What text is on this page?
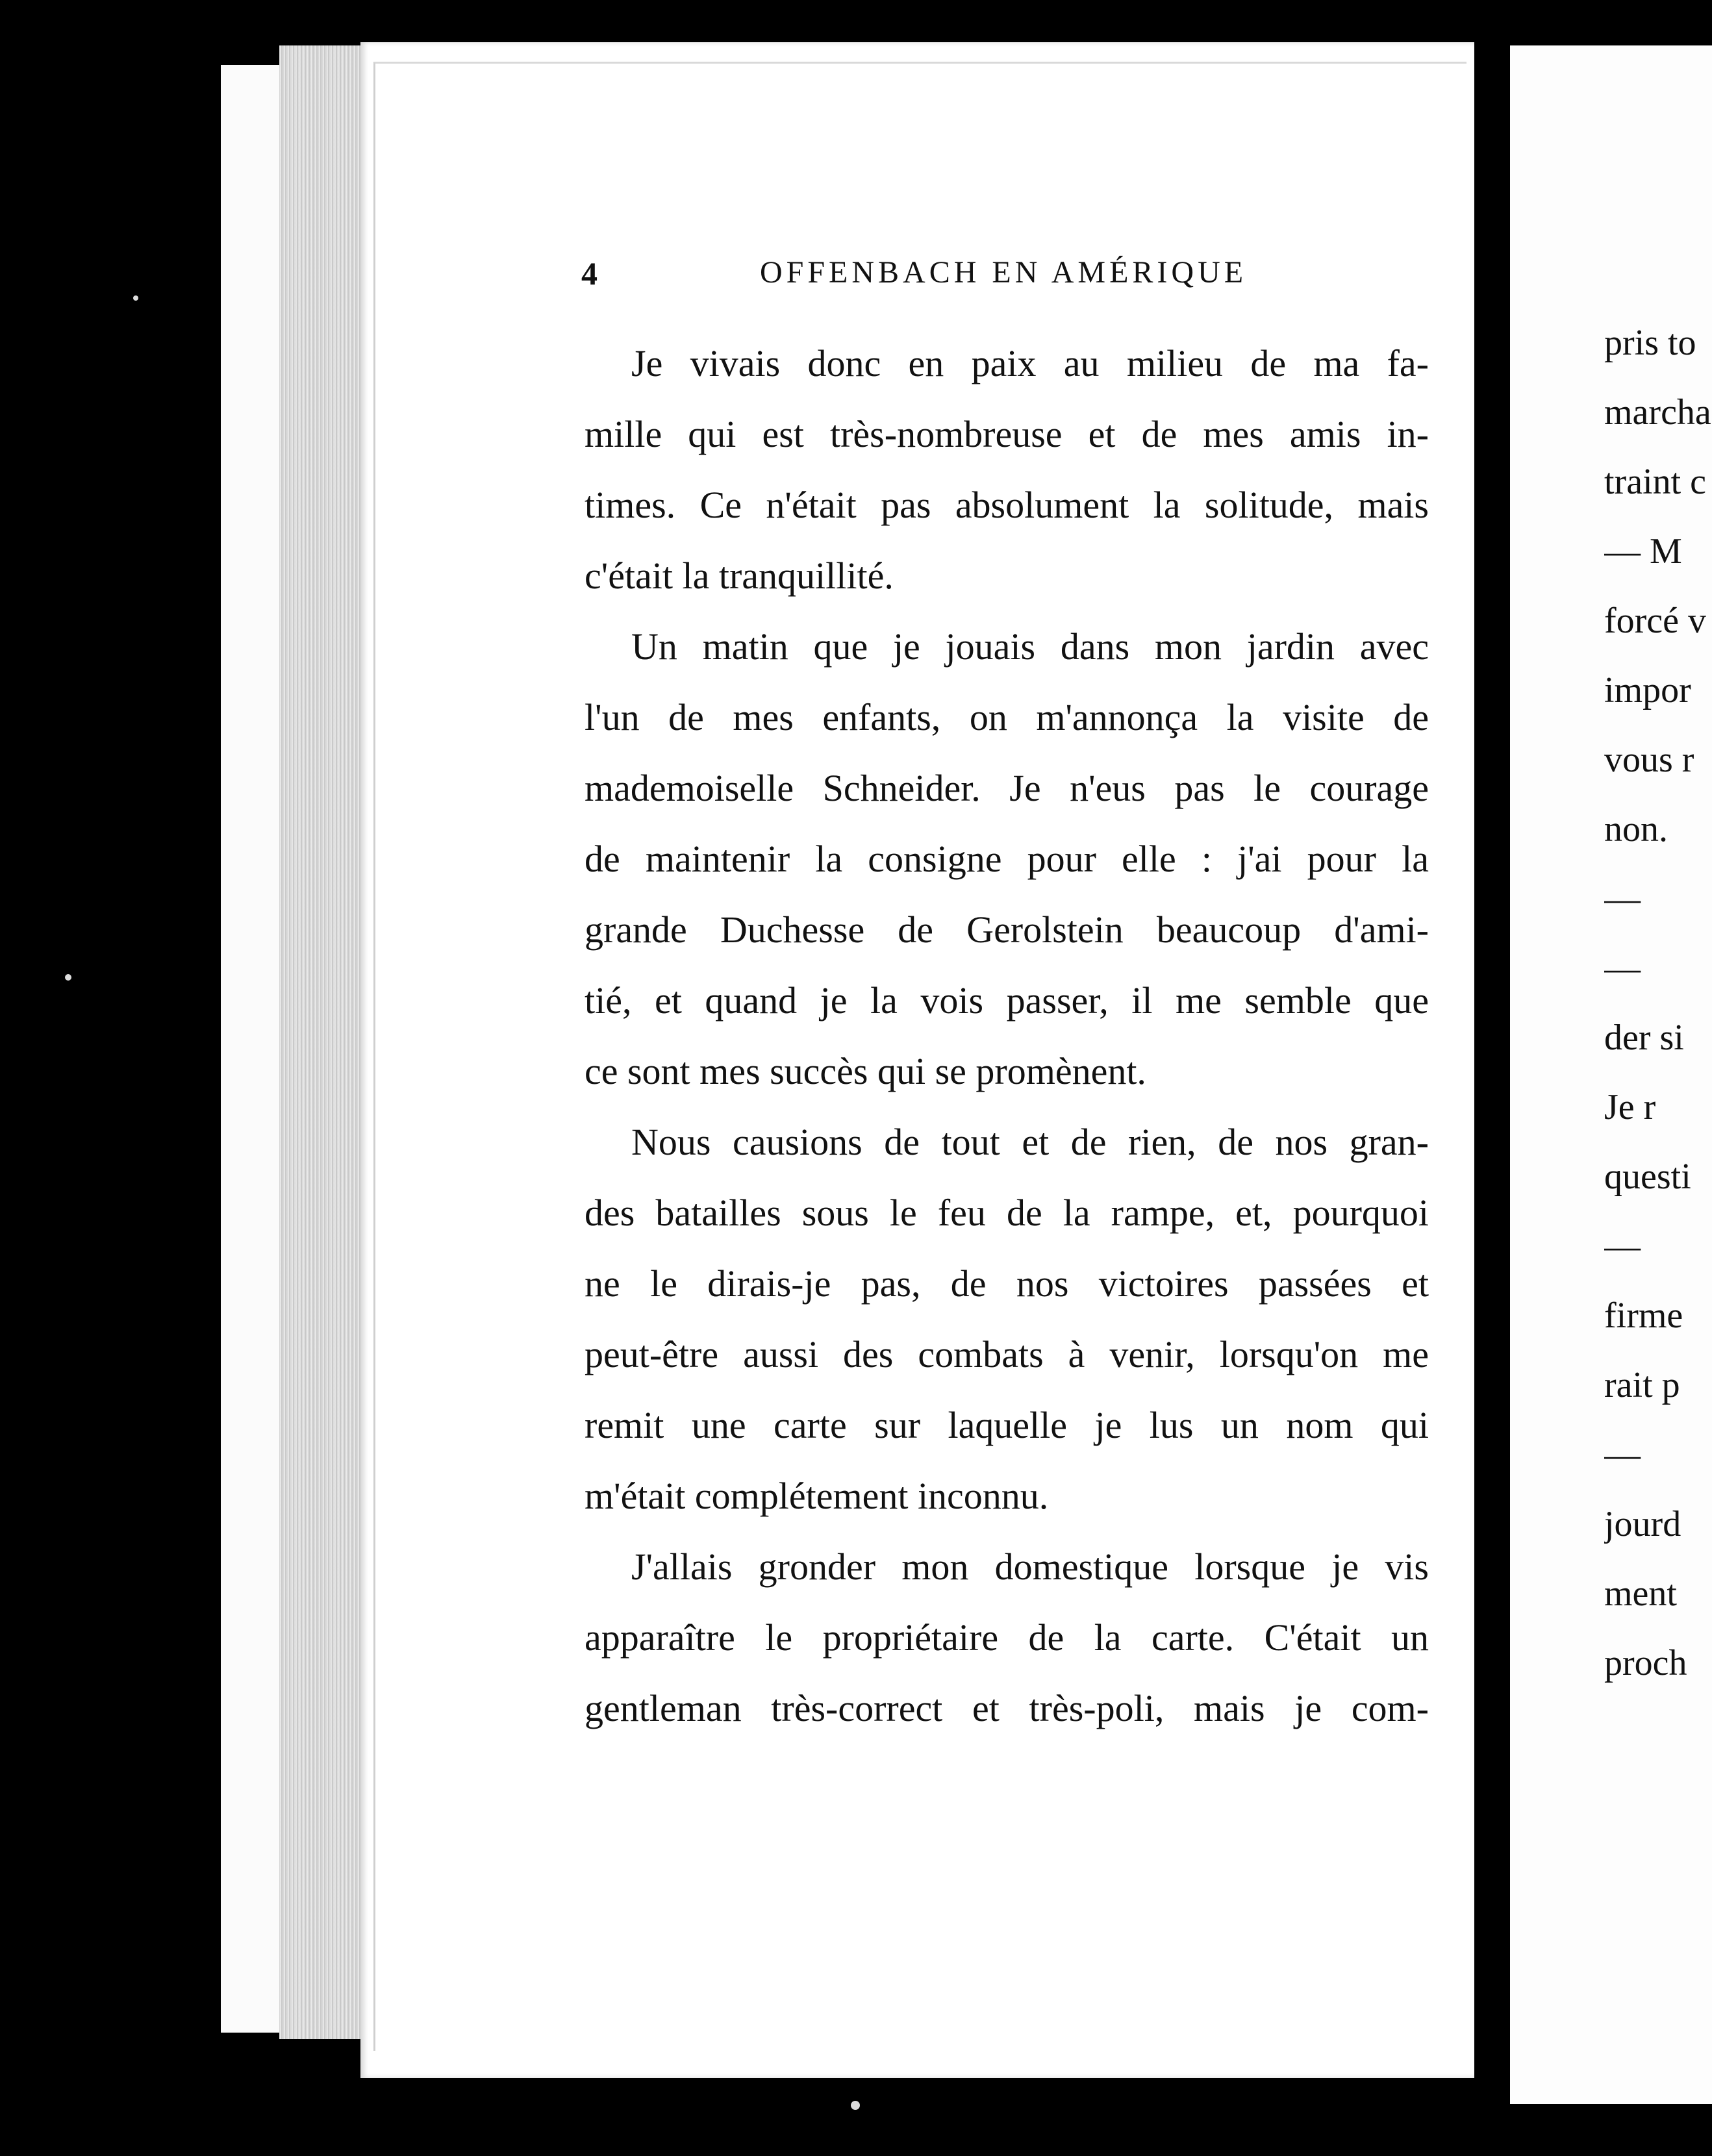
4	OFFENBACH EN AMÉRIQUE

Je vivais donc en paix au milieu de ma fa-
mille qui est très-nombreuse et de mes amis in-
times. Ce n'était pas absolument la solitude, mais
c'était la tranquillité.

Un matin que je jouais dans mon jardin avec
l'un de mes enfants, on m'annonça la visite de
mademoiselle Schneider. Je n'eus pas le courage
de maintenir la consigne pour elle : j'ai pour la
grande Duchesse de Gerolstein beaucoup d'ami-
tié, et quand je la vois passer, il me semble que
ce sont mes succès qui se promènent.

Nous causions de tout et de rien, de nos gran-
des batailles sous le feu de la rampe, et, pourquoi
ne le dirais-je pas, de nos victoires passées et
peut-être aussi des combats à venir, lorsqu'on me
remit une carte sur laquelle je lus un nom qui
m'était complétement inconnu.

J'allais gronder mon domestique lorsque je vis
apparaître le propriétaire de la carte. C'était un
gentleman très-correct et très-poli, mais je com-

pris to
marcha
traint c
— M
forcé v
impor
vous r
non.
—
—
der si
Je r
questi
—
firme
rait p
—
jourd
ment
proch
